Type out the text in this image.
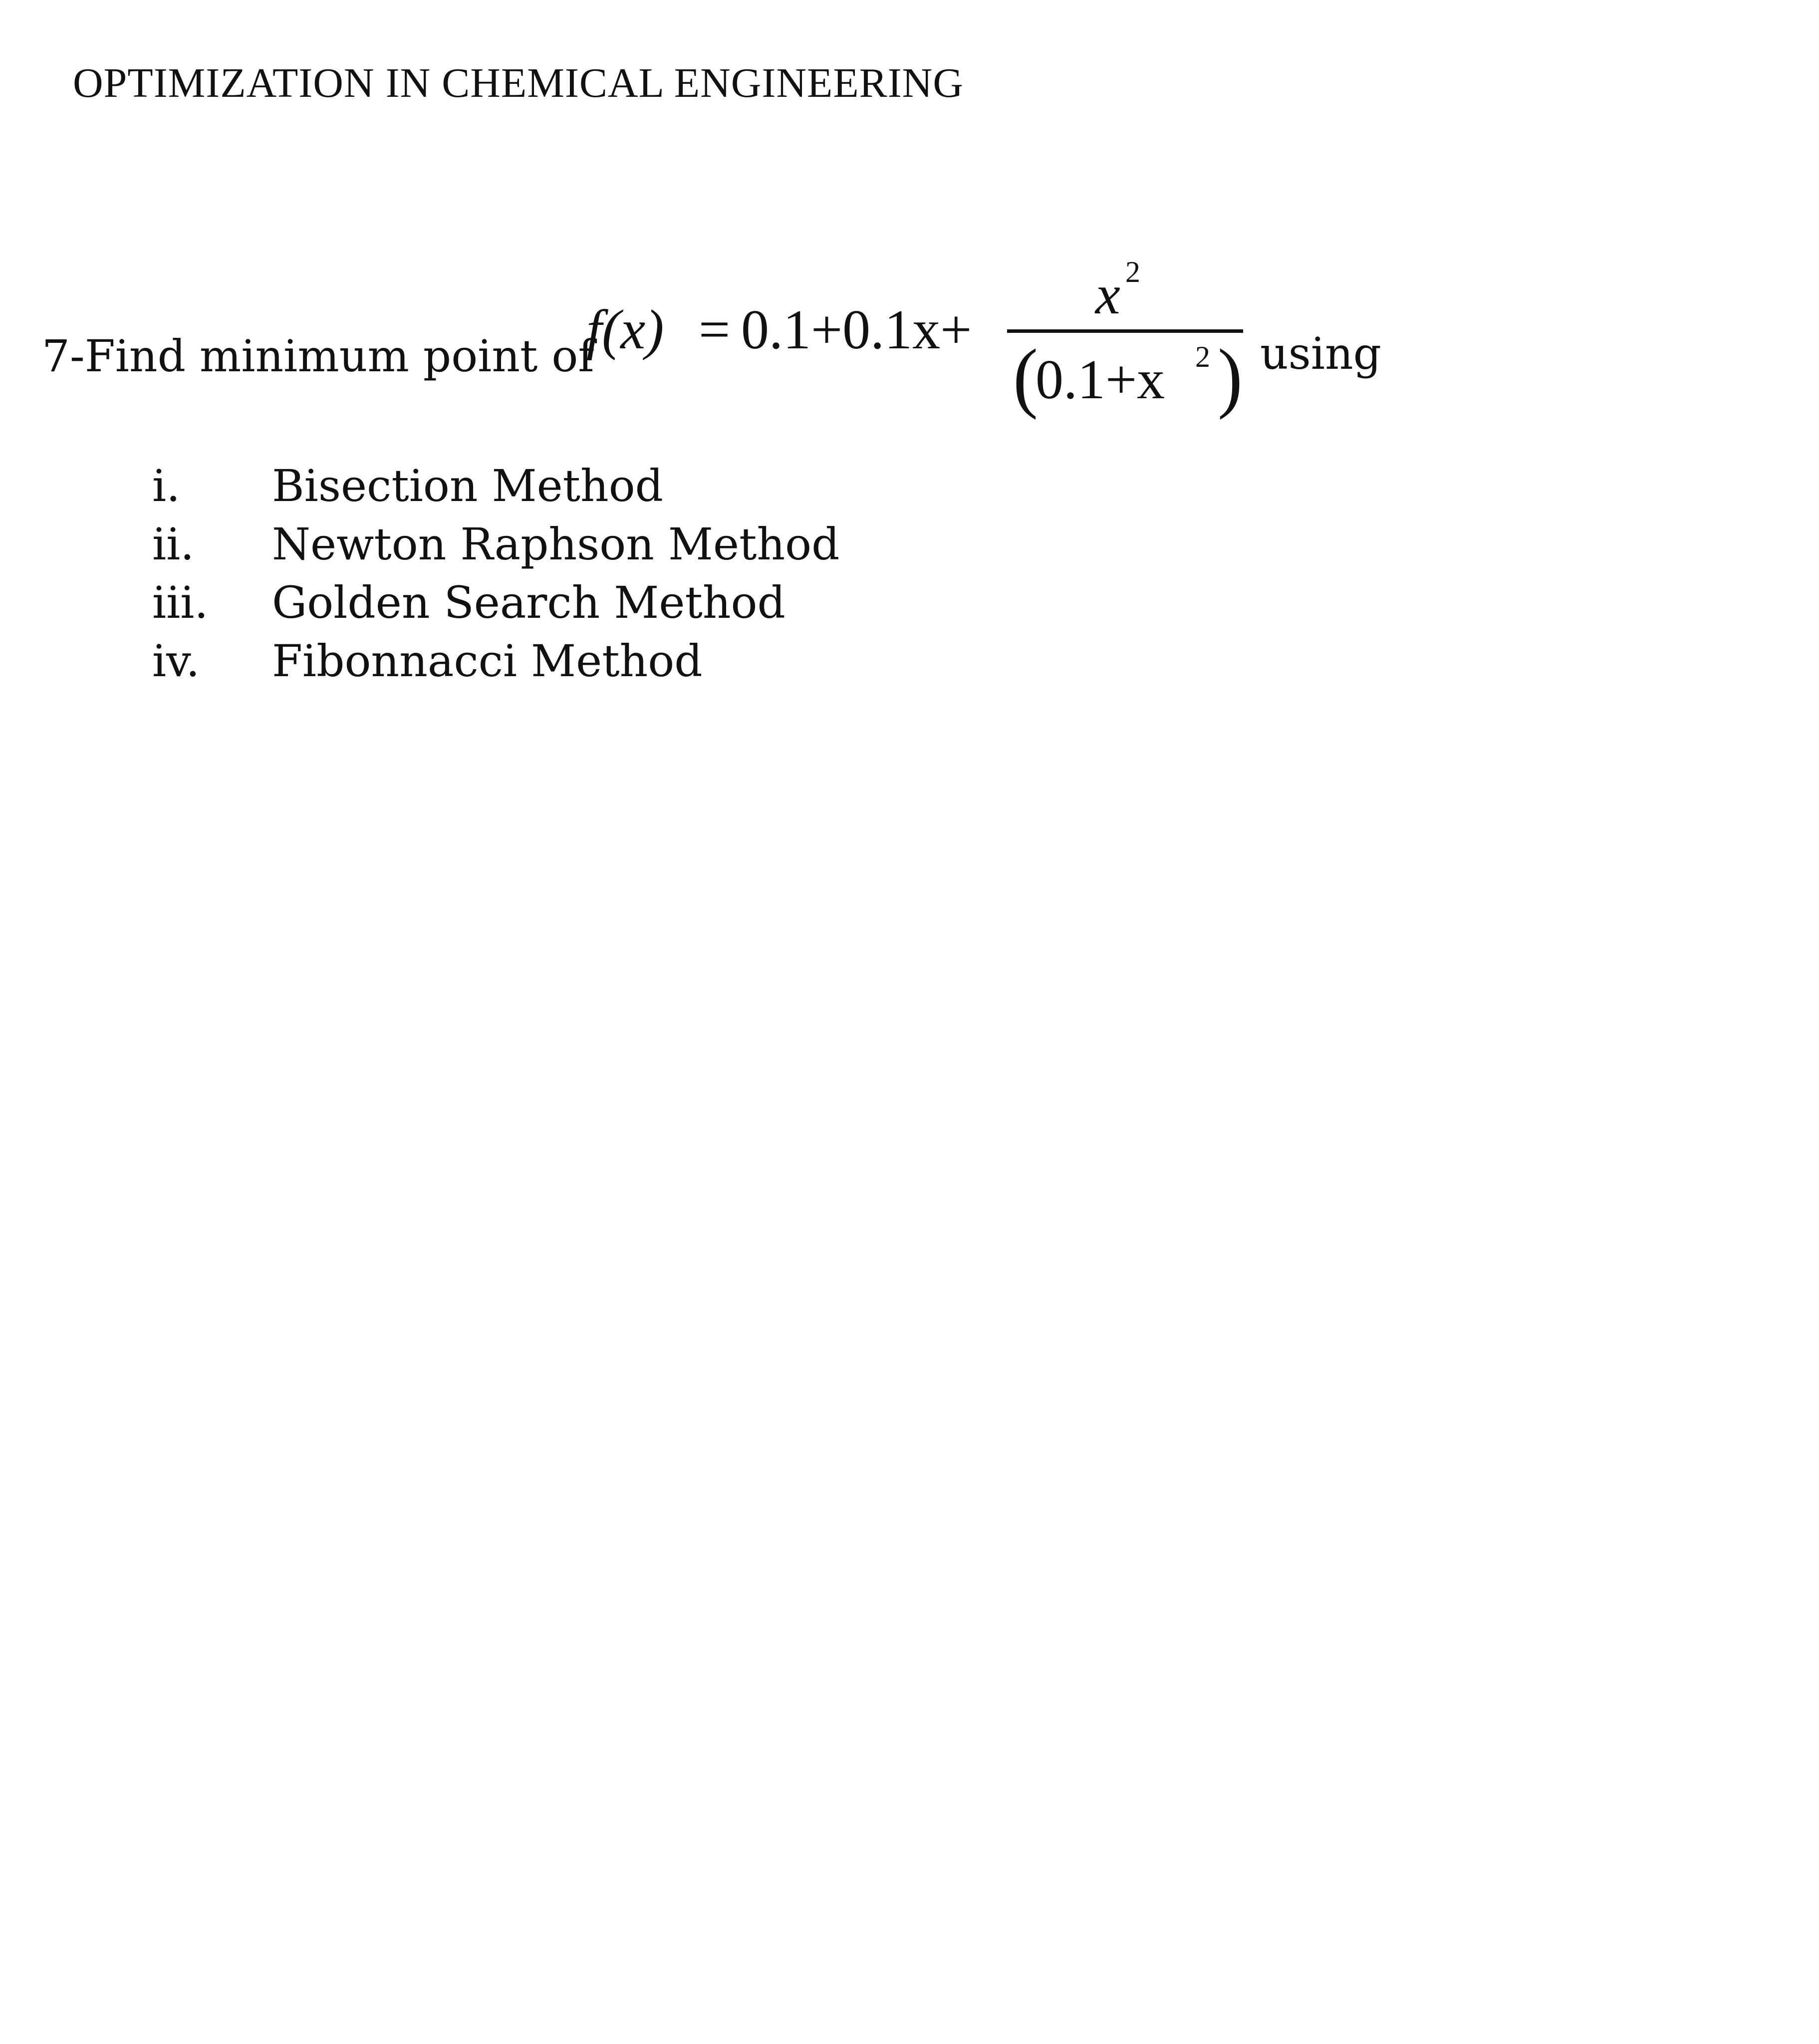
OPTIMIZATION IN CHEMICAL ENGINEERING
7-Find minimum point of
f(x) = 0.1+0.1x+
x 2
(
0.1+x 2 ) using
i. Bisection Method
ii. Newton Raphson Method
iii. Golden Search Method
iv. Fibonnacci Method
